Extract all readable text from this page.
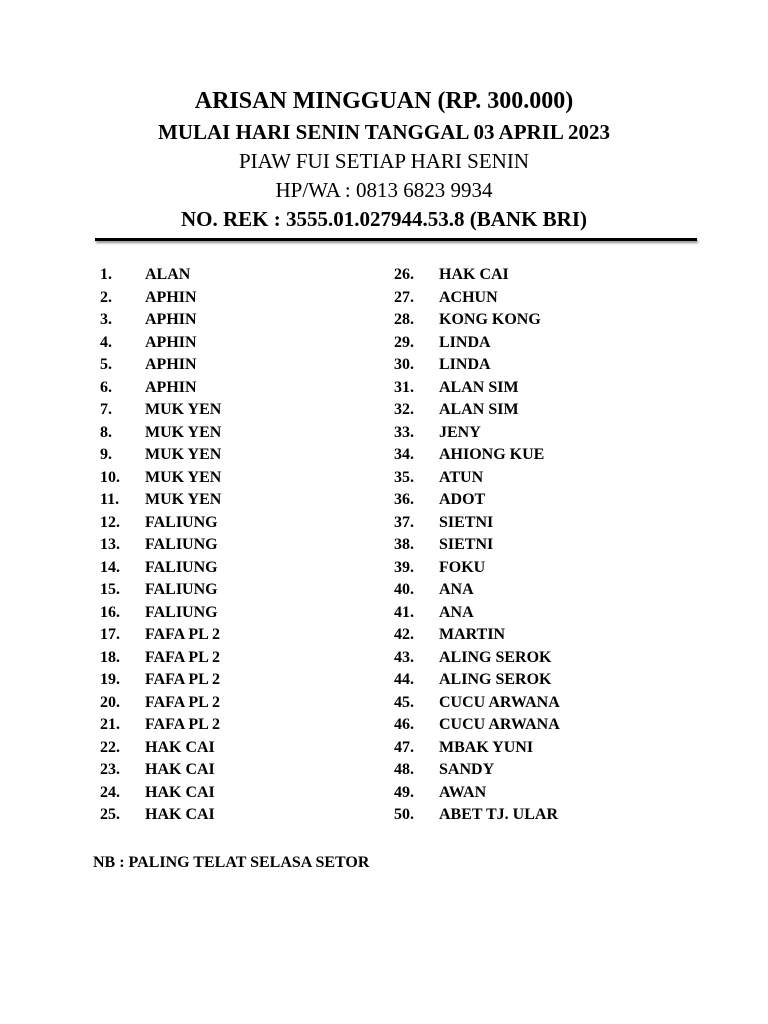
ARISAN MINGGUAN (RP. 300.000)
MULAI HARI SENIN TANGGAL 03 APRIL 2023
PIAW FUI SETIAP HARI SENIN
HP/WA : 0813 6823 9934
NO. REK : 3555.01.027944.53.8 (BANK BRI)
1. ALAN
2. APHIN
3. APHIN
4. APHIN
5. APHIN
6. APHIN
7. MUK YEN
8. MUK YEN
9. MUK YEN
10. MUK YEN
11. MUK YEN
12. FALIUNG
13. FALIUNG
14. FALIUNG
15. FALIUNG
16. FALIUNG
17. FAFA PL 2
18. FAFA PL 2
19. FAFA PL 2
20. FAFA PL 2
21. FAFA PL 2
22. HAK CAI
23. HAK CAI
24. HAK CAI
25. HAK CAI
26. HAK CAI
27. ACHUN
28. KONG KONG
29. LINDA
30. LINDA
31. ALAN SIM
32. ALAN SIM
33. JENY
34. AHIONG KUE
35. ATUN
36. ADOT
37. SIETNI
38. SIETNI
39. FOKU
40. ANA
41. ANA
42. MARTIN
43. ALING SEROK
44. ALING SEROK
45. CUCU ARWANA
46. CUCU ARWANA
47. MBAK YUNI
48. SANDY
49. AWAN
50. ABET TJ. ULAR
NB : PALING TELAT SELASA SETOR
